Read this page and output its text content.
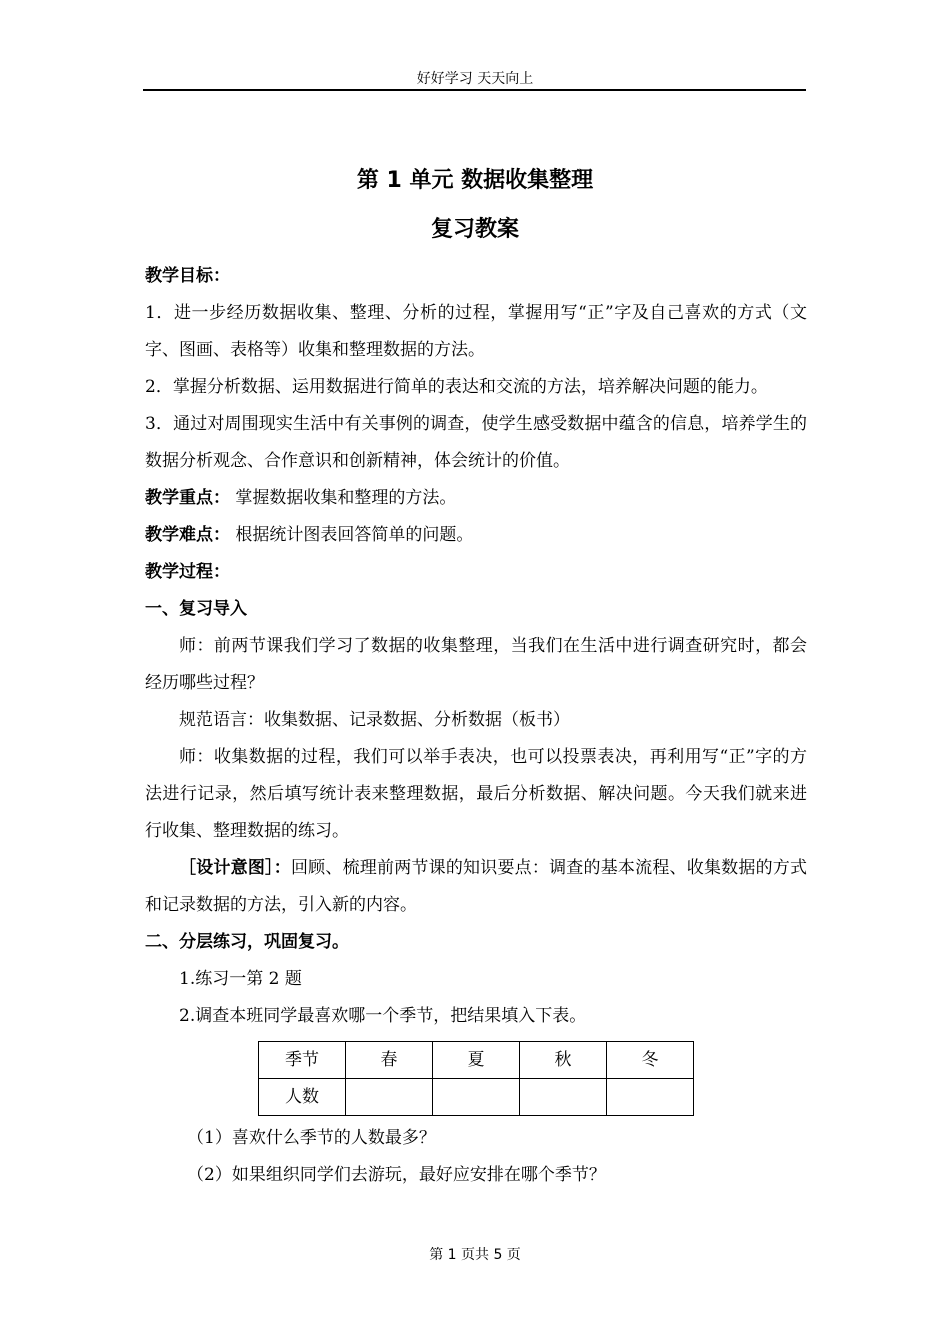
好好学习 天天向上
第 1 单元 数据收集整理
复习教案

教学目标：

1．进一步经历数据收集、整理、分析的过程，掌握用写“正”字及自己喜欢的方式（文字、图画、表格等）收集和整理数据的方法。

2．掌握分析数据、运用数据进行简单的表达和交流的方法，培养解决问题的能力。

3．通过对周围现实生活中有关事例的调查，使学生感受数据中蕴含的信息，培养学生的数据分析观念、合作意识和创新精神，体会统计的价值。

教学重点： 掌握数据收集和整理的方法。

教学难点： 根据统计图表回答简单的问题。

教学过程：

一、复习导入

师：前两节课我们学习了数据的收集整理，当我们在生活中进行调查研究时，都会经历哪些过程？

规范语言：收集数据、记录数据、分析数据（板书）

师：收集数据的过程，我们可以举手表决，也可以投票表决，再利用写“正”字的方法进行记录，然后填写统计表来整理数据，最后分析数据、解决问题。今天我们就来进行收集、整理数据的练习。

［设计意图］：回顾、梳理前两节课的知识要点：调查的基本流程、收集数据的方式和记录数据的方法，引入新的内容。

二、分层练习，巩固复习。

1.练习一第 2 题

2.调查本班同学最喜欢哪一个季节，把结果填入下表。

季节	春	夏	秋	冬
人数				

（1）喜欢什么季节的人数最多？

（2）如果组织同学们去游玩，最好应安排在哪个季节？

第 1 页共 5 页
